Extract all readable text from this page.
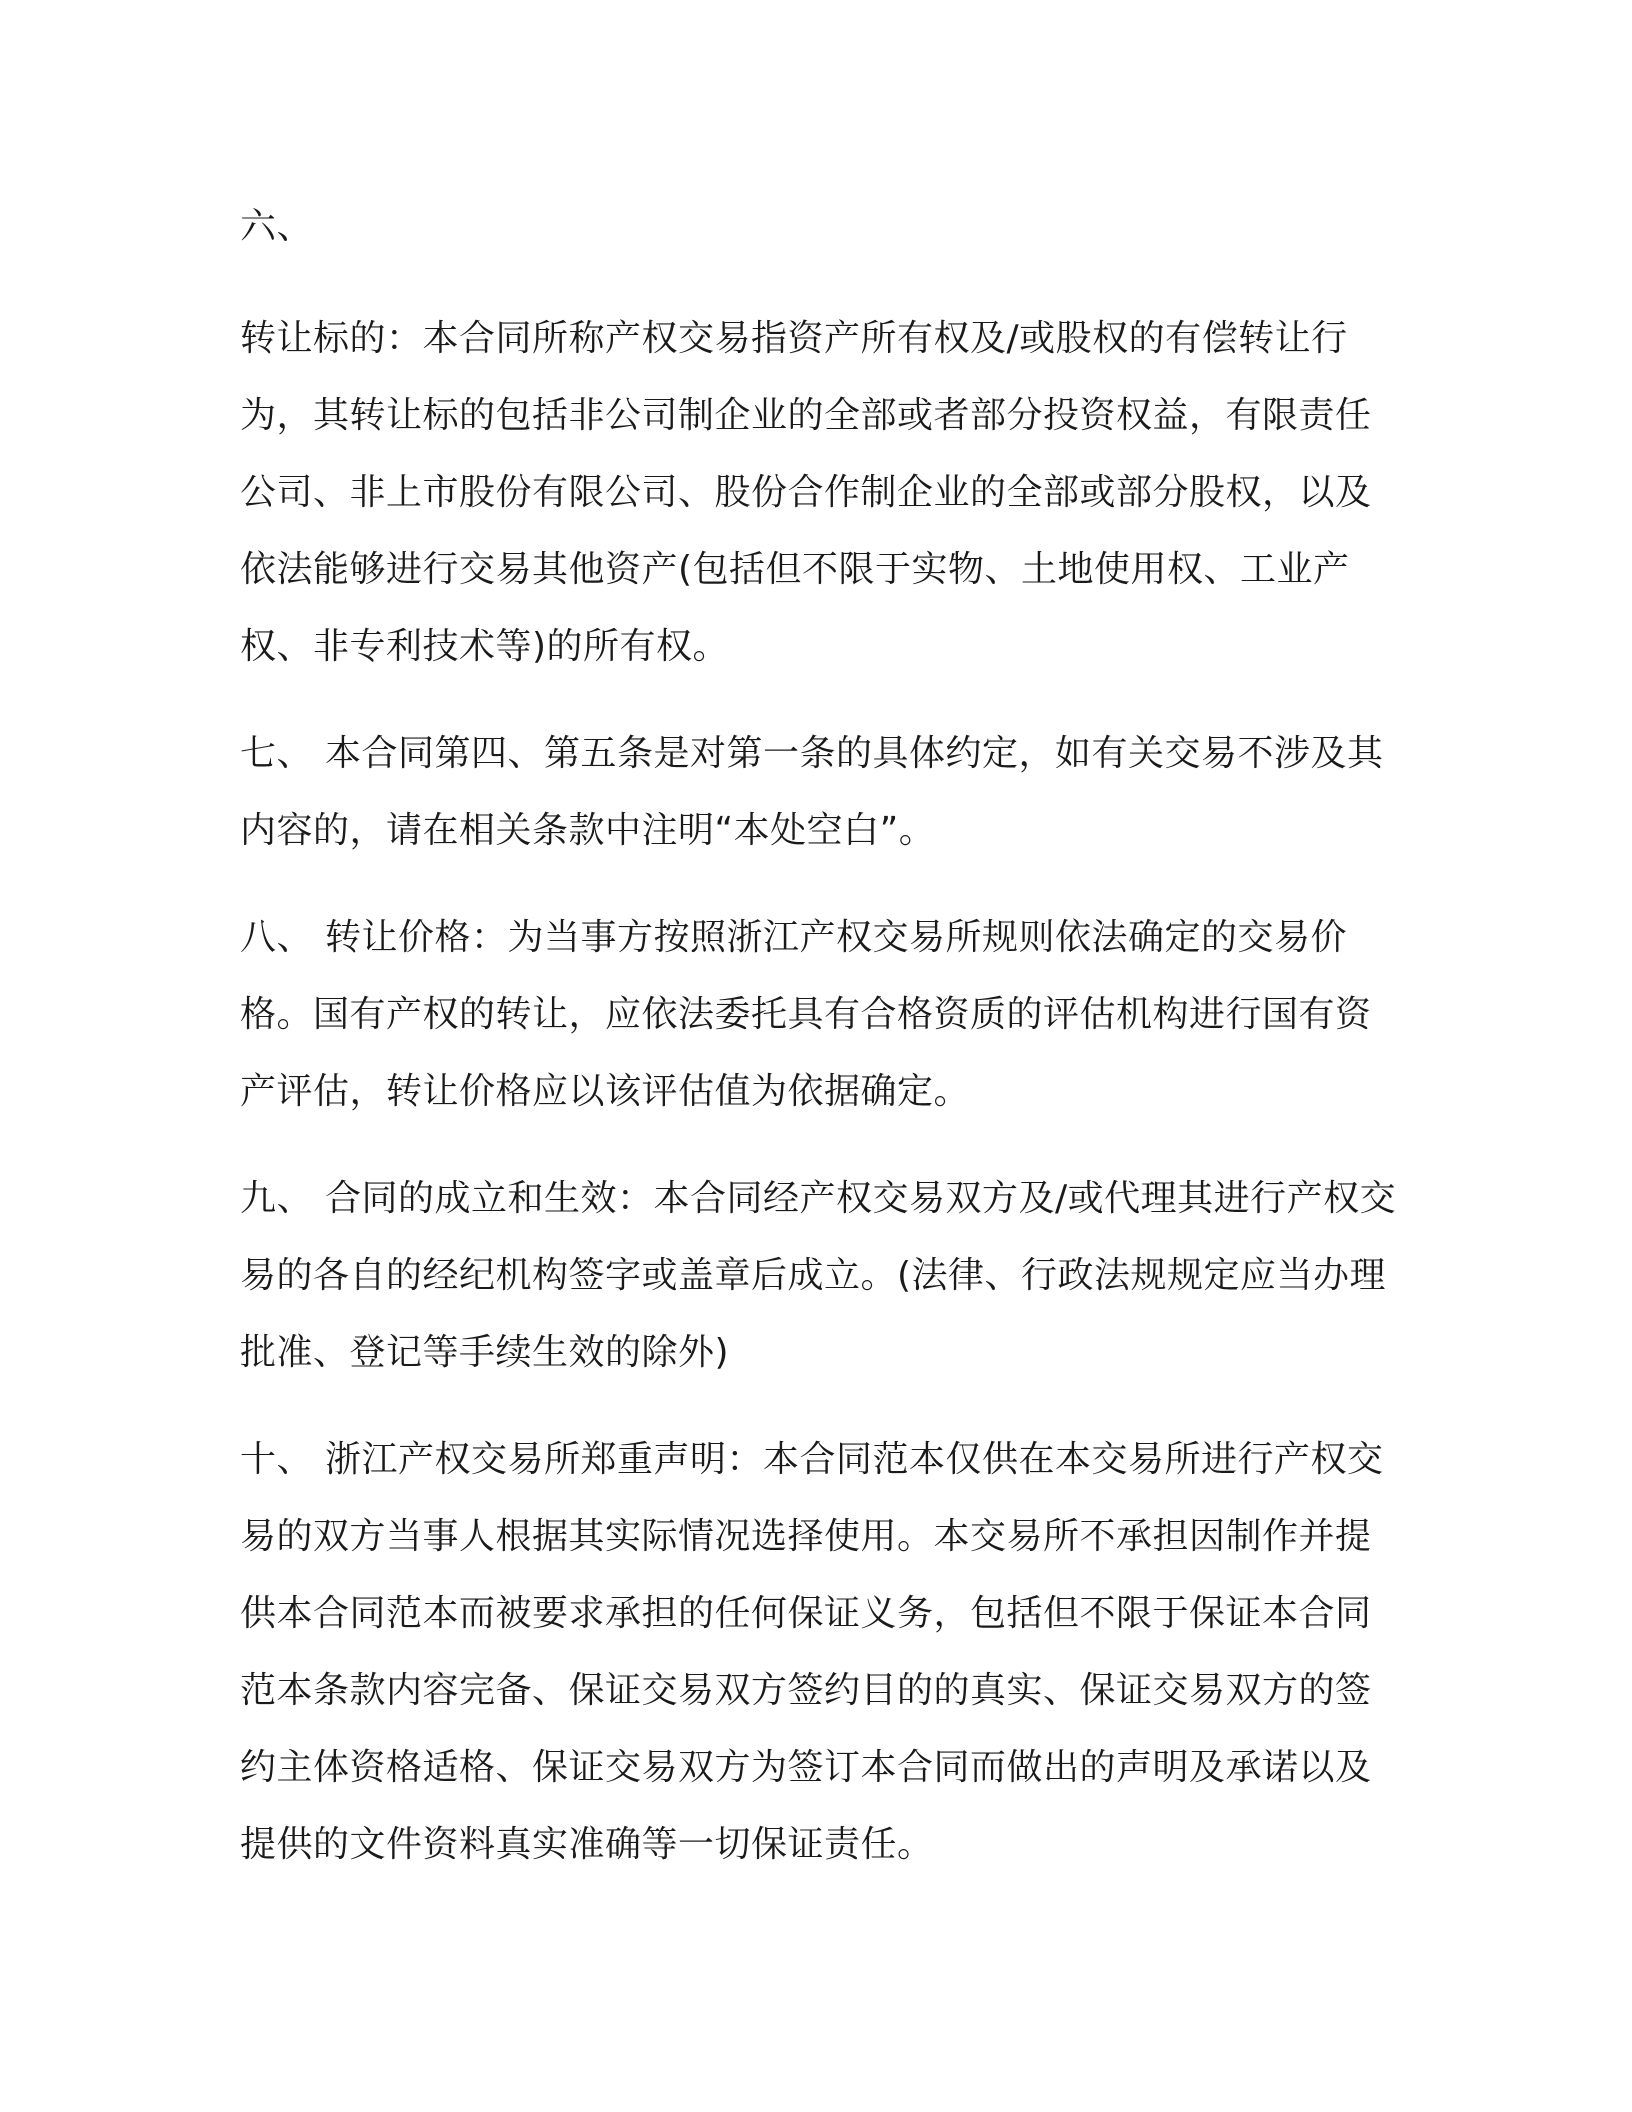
六、

转让标的：本合同所称产权交易指资产所有权及/或股权的有偿转让行为，其转让标的包括非公司制企业的全部或者部分投资权益，有限责任公司、非上市股份有限公司、股份合作制企业的全部或部分股权，以及依法能够进行交易其他资产(包括但不限于实物、土地使用权、工业产权、非专利技术等)的所有权。

七、 本合同第四、第五条是对第一条的具体约定，如有关交易不涉及其内容的，请在相关条款中注明“本处空白”。

八、 转让价格：为当事方按照浙江产权交易所规则依法确定的交易价格。国有产权的转让，应依法委托具有合格资质的评估机构进行国有资产评估，转让价格应以该评估值为依据确定。

九、 合同的成立和生效：本合同经产权交易双方及/或代理其进行产权交易的各自的经纪机构签字或盖章后成立。(法律、行政法规规定应当办理批准、登记等手续生效的除外)

十、 浙江产权交易所郑重声明：本合同范本仅供在本交易所进行产权交易的双方当事人根据其实际情况选择使用。本交易所不承担因制作并提供本合同范本而被要求承担的任何保证义务，包括但不限于保证本合同范本条款内容完备、保证交易双方签约目的的真实、保证交易双方的签约主体资格适格、保证交易双方为签订本合同而做出的声明及承诺以及提供的文件资料真实准确等一切保证责任。
